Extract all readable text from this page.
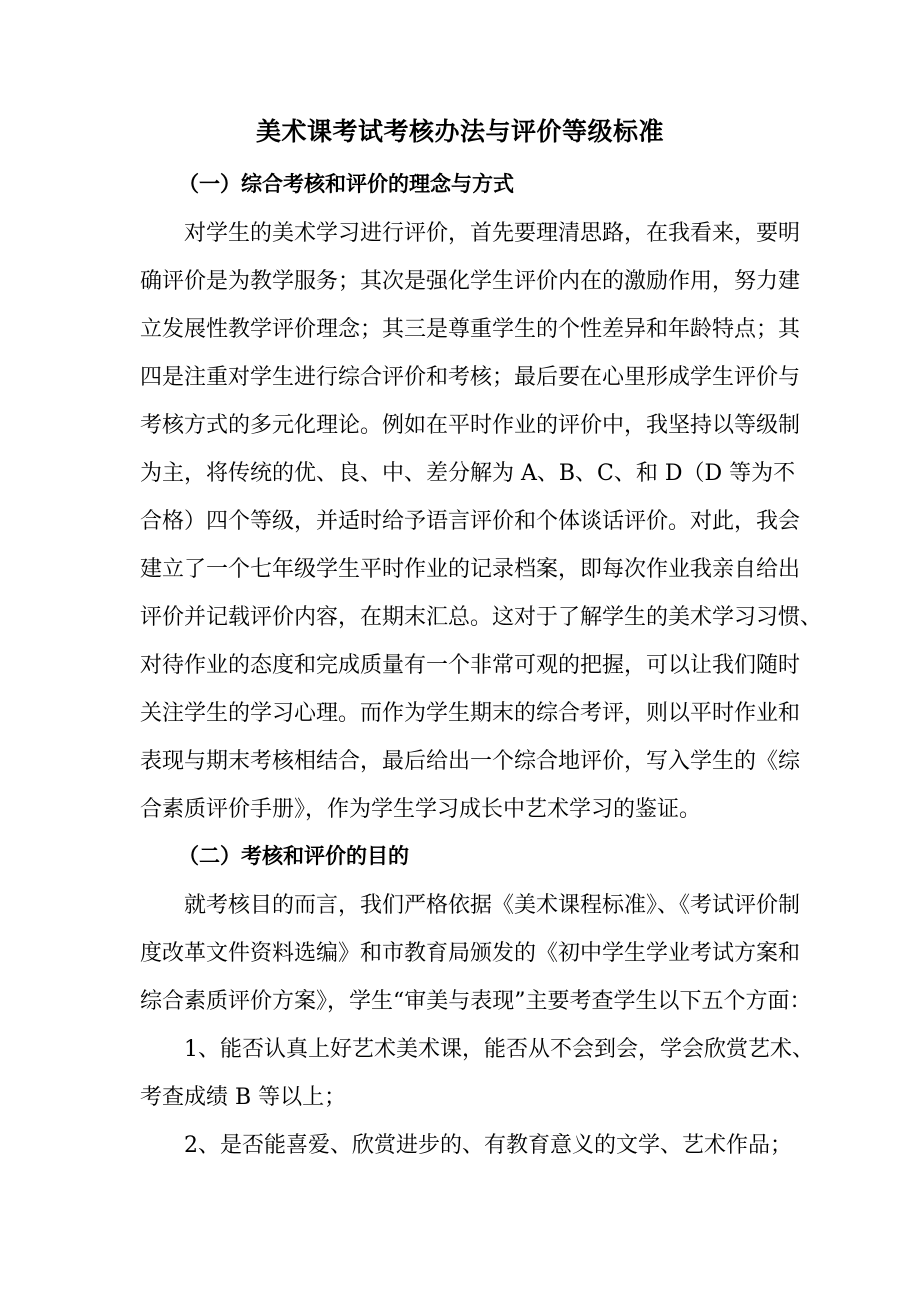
美术课考试考核办法与评价等级标准
（一）综合考核和评价的理念与方式

　　对学生的美术学习进行评价，首先要理清思路，在我看来，要明
确评价是为教学服务；其次是强化学生评价内在的激励作用，努力建
立发展性教学评价理念；其三是尊重学生的个性差异和年龄特点；其
四是注重对学生进行综合评价和考核；最后要在心里形成学生评价与
考核方式的多元化理论。例如在平时作业的评价中，我坚持以等级制
为主，将传统的优、良、中、差分解为 A、B、C、和 D（D 等为不
合格）四个等级，并适时给予语言评价和个体谈话评价。对此，我会
建立了一个七年级学生平时作业的记录档案，即每次作业我亲自给出
评价并记载评价内容，在期末汇总。这对于了解学生的美术学习习惯、
对待作业的态度和完成质量有一个非常可观的把握，可以让我们随时
关注学生的学习心理。而作为学生期末的综合考评，则以平时作业和
表现与期末考核相结合，最后给出一个综合地评价，写入学生的《综
合素质评价手册》，作为学生学习成长中艺术学习的鉴证。

（二）考核和评价的目的

　　就考核目的而言，我们严格依据《美术课程标准》、《考试评价制
度改革文件资料选编》和市教育局颁发的《初中学生学业考试方案和
综合素质评价方案》，学生“审美与表现”主要考查学生以下五个方面：

　　1、能否认真上好艺术美术课，能否从不会到会，学会欣赏艺术、
考查成绩 B 等以上；

　　2、是否能喜爱、欣赏进步的、有教育意义的文学、艺术作品；
